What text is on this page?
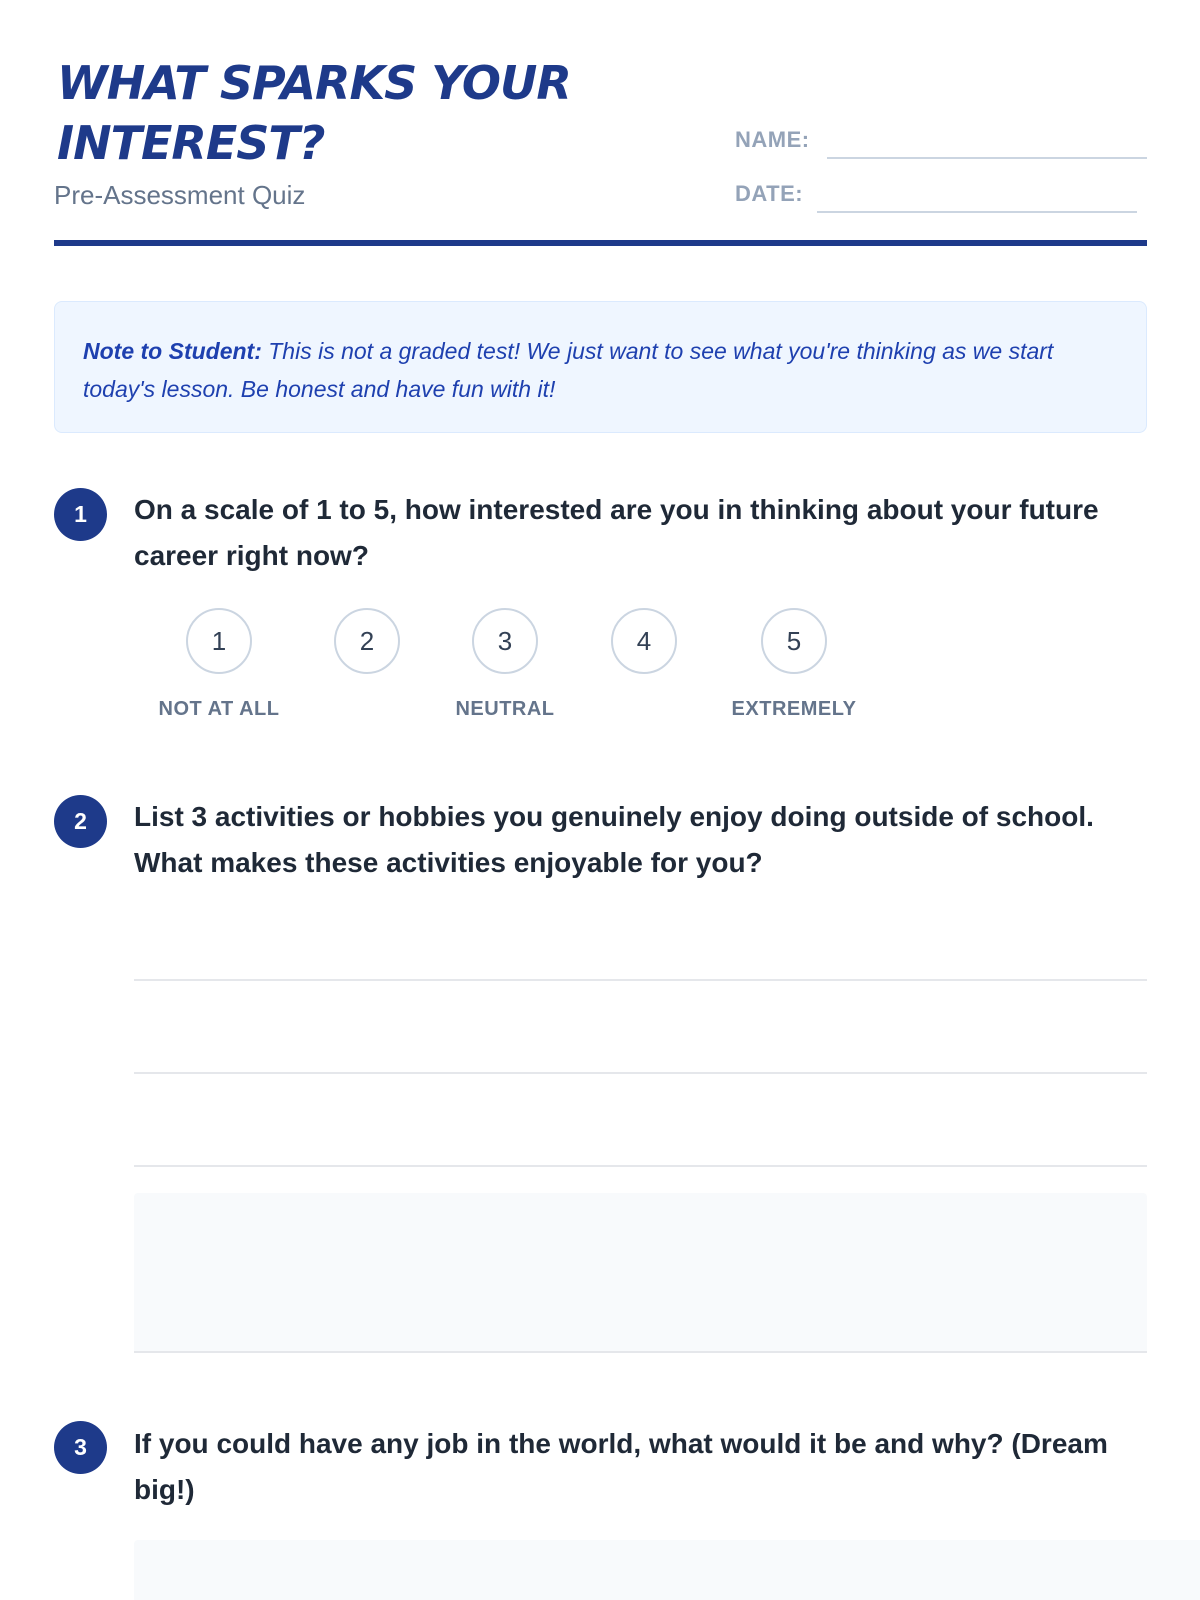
WHAT SPARKS YOUR
INTEREST?
Pre-Assessment Quiz
NAME:
DATE:
Note to Student: This is not a graded test! We just want to see what you're thinking as we start today's lesson. Be honest and have fun with it!
1	On a scale of 1 to 5, how interested are you in thinking about your future career right now?
1	2	3	4	5
NOT AT ALL	NEUTRAL	EXTREMELY
2	List 3 activities or hobbies you genuinely enjoy doing outside of school. What makes these activities enjoyable for you?
3	If you could have any job in the world, what would it be and why? (Dream big!)
